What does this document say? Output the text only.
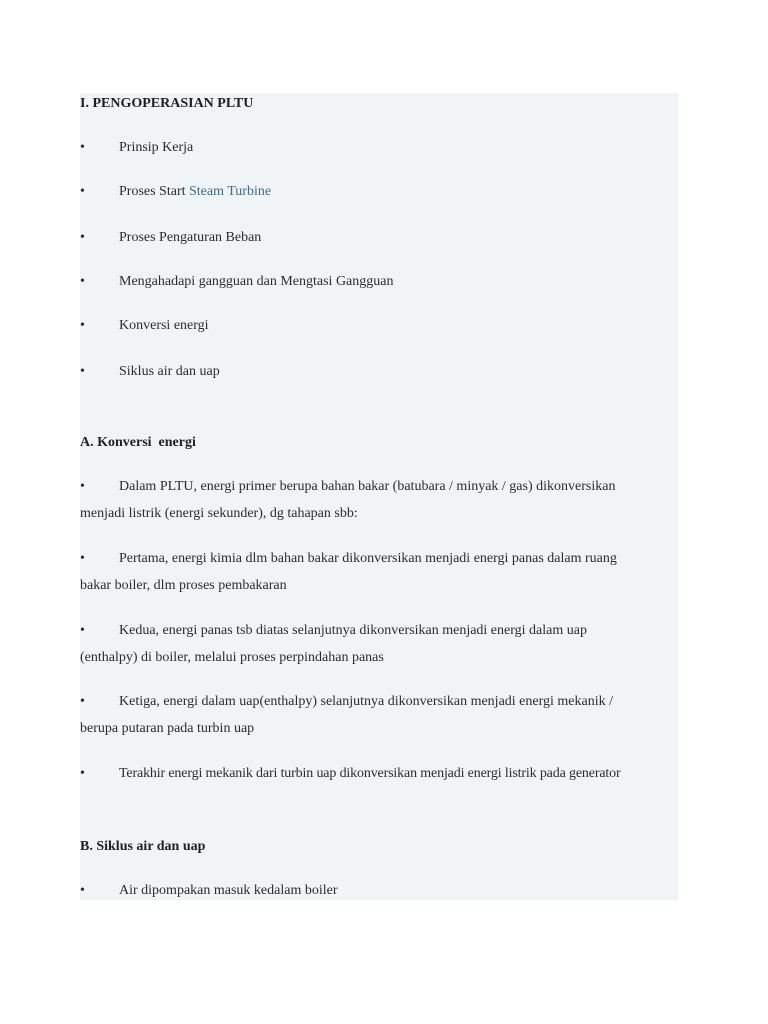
I. PENGOPERASIAN PLTU
•	Prinsip Kerja
•	Proses Start Steam Turbine
•	Proses Pengaturan Beban
•	Mengahadapi gangguan dan Mengtasi Gangguan
•	Konversi energi
•	Siklus air dan uap
A. Konversi  energi
• Dalam PLTU, energi primer berupa bahan bakar (batubara / minyak / gas) dikonversikan
menjadi listrik (energi sekunder), dg tahapan sbb:
• Pertama, energi kimia dlm bahan bakar dikonversikan menjadi energi panas dalam ruang
bakar boiler, dlm proses pembakaran
• Kedua, energi panas tsb diatas selanjutnya dikonversikan menjadi energi dalam uap
(enthalpy) di boiler, melalui proses perpindahan panas
• Ketiga, energi dalam uap(enthalpy) selanjutnya dikonversikan menjadi energi mekanik /
berupa putaran pada turbin uap
• Terakhir energi mekanik dari turbin uap dikonversikan menjadi energi listrik pada generator
B. Siklus air dan uap
• Air dipompakan masuk kedalam boiler
